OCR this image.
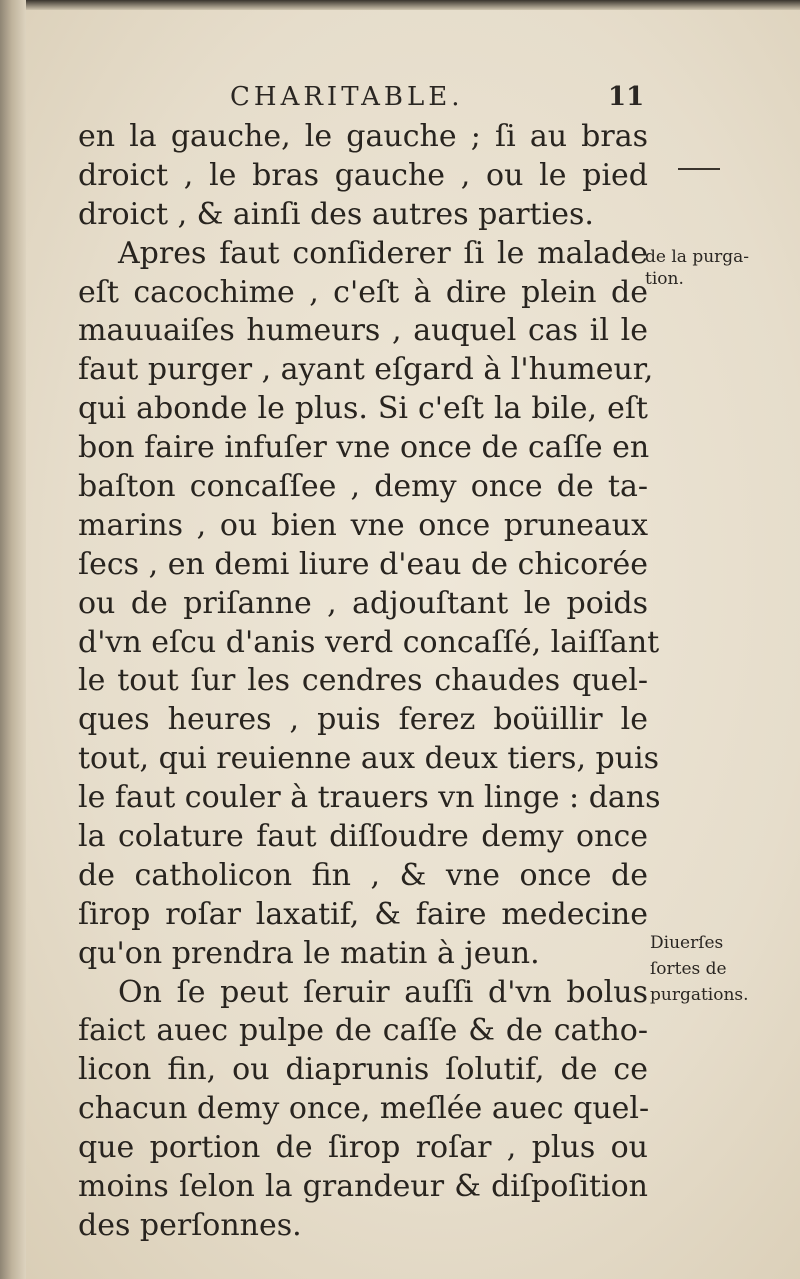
CHARITABLE.	11
en la gauche, le gauche ; ſi au bras
droict , le bras gauche , ou le pied
droict , & ainſi des autres parties.
Apres faut conſiderer ſi le malade
eſt cacochime , c'eſt à dire plein de
mauuaiſes humeurs , auquel cas il le
faut purger , ayant eſgard à l'humeur,
qui abonde le plus. Si c'eſt la bile, eſt
bon faire infuſer vne once de caſſe en
baſton concaſſee , demy once de ta-
marins , ou bien vne once pruneaux
ſecs , en demi liure d'eau de chicorée
ou de priſanne , adjouſtant le poids
d'vn eſcu d'anis verd concaſſé, laiſſant
le tout ſur les cendres chaudes quel-
ques heures , puis ferez boüillir le
tout, qui reuienne aux deux tiers, puis
le faut couler à trauers vn linge : dans
la colature faut diſſoudre demy once
de catholicon fin , & vne once de
ſirop roſar laxatif, & faire medecine
qu'on prendra le matin à jeun.
On ſe peut ſeruir auſſi d'vn bolus
faict auec pulpe de caſſe & de catho-
licon fin, ou diaprunis ſolutif, de ce
chacun demy once, meſlée auec quel-
que portion de ſirop roſar , plus ou
moins ſelon la grandeur & diſpoſition
des perſonnes.
de la purga-
tion.
Diuerſes
ſortes de
purgations.
